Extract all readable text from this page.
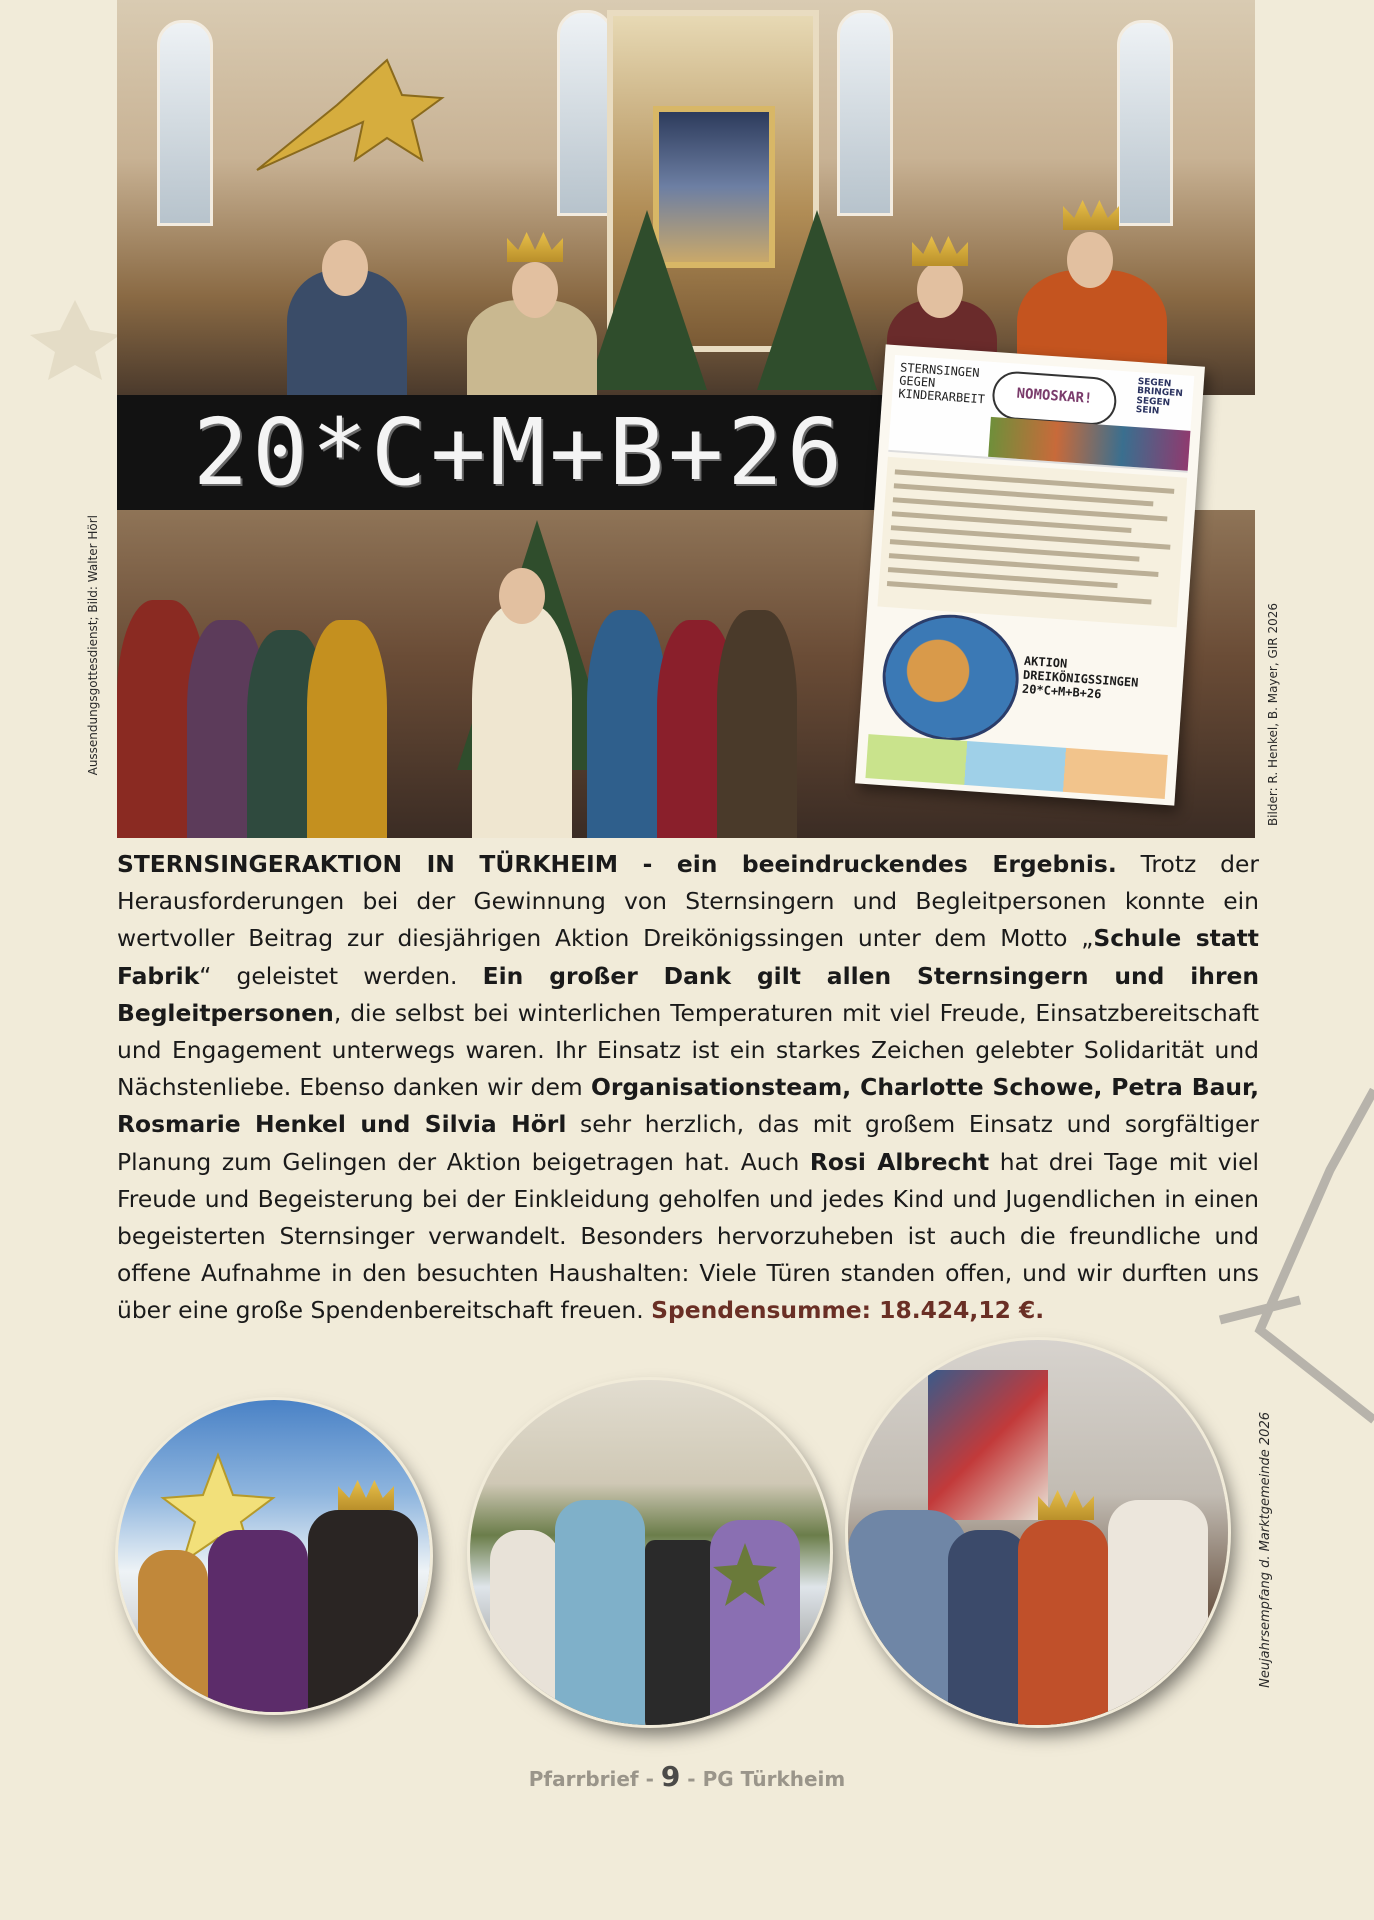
20*C+M+B+26
STERNSINGEN GEGEN KINDERARBEIT	NOMOSKAR!
SEGEN BRINGEN SEGEN SEIN
AKTION DREIKÖNIGSSINGEN 20*C+M+B+26
Aussendungsgottesdienst; Bild: Walter Hörl	Bilder: R. Henkel, B. Mayer, GIR 2026
STERNSINGERAKTION IN TÜRKHEIM - ein beeindruckendes Ergebnis. Trotz der Herausforderungen bei der Gewinnung von Sternsingern und Begleitpersonen konnte ein wertvoller Beitrag zur diesjährigen Aktion Dreikönigssingen unter dem Motto „Schule statt Fabrik“ geleistet werden. Ein großer Dank gilt allen Sternsingern und ihren Begleitpersonen, die selbst bei winterlichen Temperaturen mit viel Freude, Einsatzbereitschaft und Engagement unterwegs waren. Ihr Einsatz ist ein starkes Zeichen gelebter Solidarität und Nächstenliebe. Ebenso danken wir dem Organisationsteam, Charlotte Schowe, Petra Baur, Rosmarie Henkel und Silvia Hörl sehr herzlich, das mit großem Einsatz und sorgfältiger Planung zum Gelingen der Aktion beigetragen hat. Auch Rosi Albrecht hat drei Tage mit viel Freude und Begeisterung bei der Einkleidung geholfen und jedes Kind und Jugendlichen in einen begeisterten Sternsinger verwandelt. Besonders hervorzuheben ist auch die freundliche und offene Aufnahme in den besuchten Haushalten: Viele Türen standen offen, und wir durften uns über eine große Spendenbereitschaft freuen. Spendensumme: 18.424,12 €.
Neujahrsempfang d. Marktgemeinde 2026
Pfarrbrief - 9 - PG Türkheim
